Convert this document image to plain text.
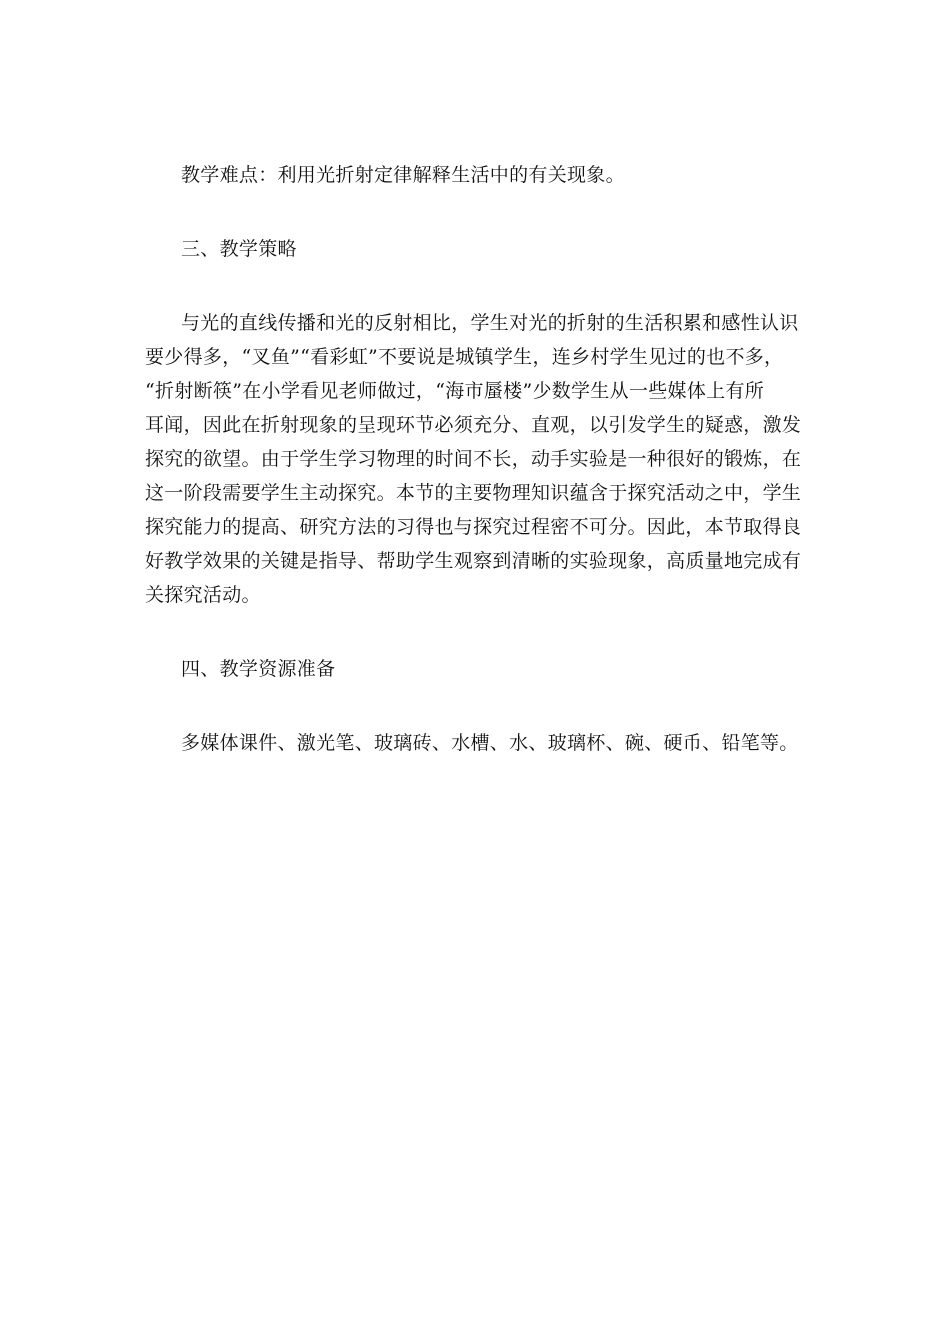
教学难点：利用光折射定律解释生活中的有关现象。
三、教学策略
与光的直线传播和光的反射相比，学生对光的折射的生活积累和感性认识
要少得多，“叉鱼”“看彩虹”不要说是城镇学生，连乡村学生见过的也不多，
“折射断筷”在小学看见老师做过，“海市蜃楼”少数学生从一些媒体上有所
耳闻，因此在折射现象的呈现环节必须充分、直观，以引发学生的疑惑，激发
探究的欲望。由于学生学习物理的时间不长，动手实验是一种很好的锻炼，在
这一阶段需要学生主动探究。本节的主要物理知识蕴含于探究活动之中，学生
探究能力的提高、研究方法的习得也与探究过程密不可分。因此，本节取得良
好教学效果的关键是指导、帮助学生观察到清晰的实验现象，高质量地完成有
关探究活动。
四、教学资源准备
多媒体课件、激光笔、玻璃砖、水槽、水、玻璃杯、碗、硬币、铅笔等。
